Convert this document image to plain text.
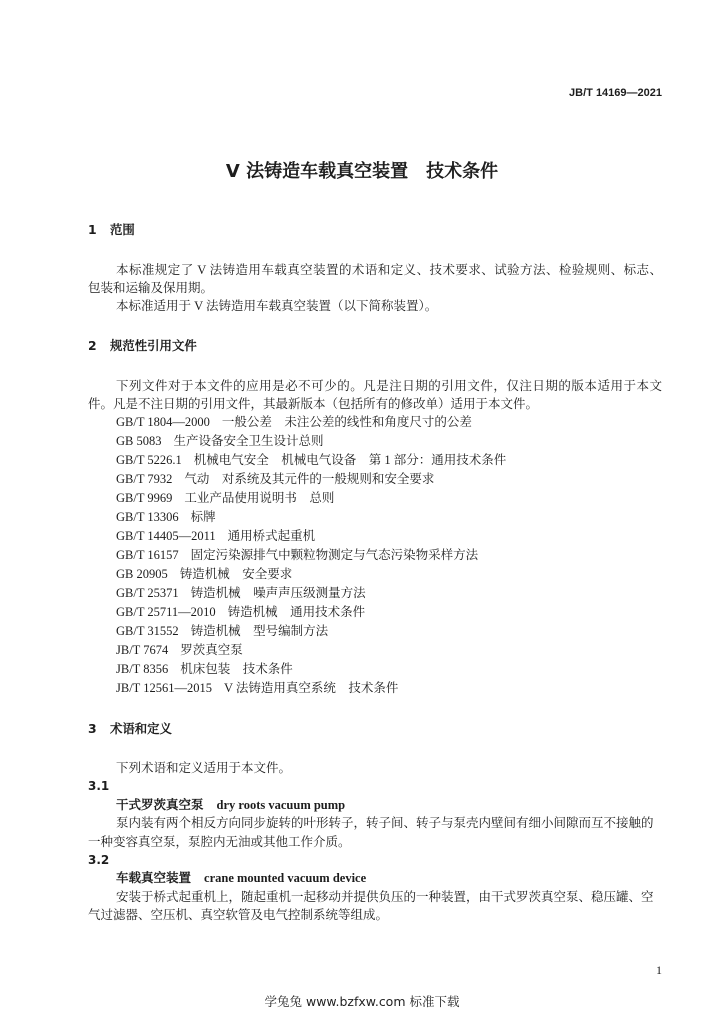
JB/T 14169—2021
V 法铸造车载真空装置　技术条件
1 范围
本标准规定了 V 法铸造用车载真空装置的术语和定义、技术要求、试验方法、检验规则、标志、
包装和运输及保用期。
本标准适用于 V 法铸造用车载真空装置（以下简称装置）。
2 规范性引用文件
下列文件对于本文件的应用是必不可少的。凡是注日期的引用文件，仅注日期的版本适用于本文
件。凡是不注日期的引用文件，其最新版本（包括所有的修改单）适用于本文件。
GB/T 1804—2000 一般公差　未注公差的线性和角度尺寸的公差
GB 5083 生产设备安全卫生设计总则
GB/T 5226.1 机械电气安全　机械电气设备　第 1 部分：通用技术条件
GB/T 7932 气动　对系统及其元件的一般规则和安全要求
GB/T 9969 工业产品使用说明书　总则
GB/T 13306 标牌
GB/T 14405—2011 通用桥式起重机
GB/T 16157 固定污染源排气中颗粒物测定与气态污染物采样方法
GB 20905 铸造机械　安全要求
GB/T 25371 铸造机械　噪声声压级测量方法
GB/T 25711—2010 铸造机械　通用技术条件
GB/T 31552 铸造机械　型号编制方法
JB/T 7674 罗茨真空泵
JB/T 8356 机床包装　技术条件
JB/T 12561—2015 V 法铸造用真空系统　技术条件
3 术语和定义
下列术语和定义适用于本文件。
3.1
干式罗茨真空泵 dry roots vacuum pump
泵内装有两个相反方向同步旋转的叶形转子，转子间、转子与泵壳内壁间有细小间隙而互不接触的
一种变容真空泵，泵腔内无油或其他工作介质。
3.2
车载真空装置 crane mounted vacuum device
安装于桥式起重机上，随起重机一起移动并提供负压的一种装置，由干式罗茨真空泵、稳压罐、空
气过滤器、空压机、真空软管及电气控制系统等组成。
1
学兔兔 www.bzfxw.com 标准下载
